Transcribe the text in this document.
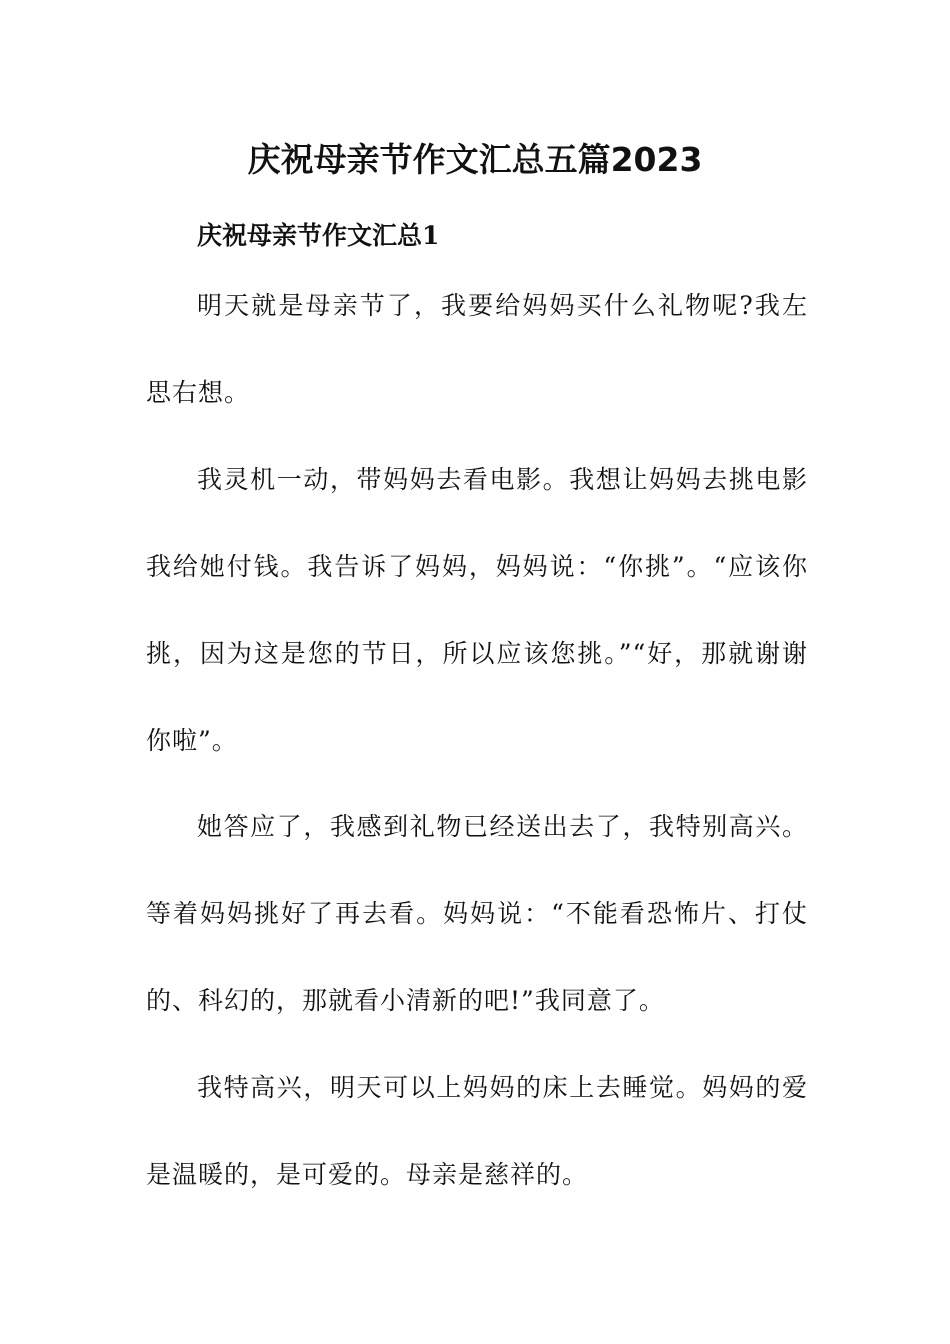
庆祝母亲节作文汇总五篇2023
庆祝母亲节作文汇总1
明天就是母亲节了，我要给妈妈买什么礼物呢?我左思右想。
我灵机一动，带妈妈去看电影。我想让妈妈去挑电影我给她付钱。我告诉了妈妈，妈妈说：“你挑”。“应该你挑，因为这是您的节日，所以应该您挑。”“好，那就谢谢你啦”。
她答应了，我感到礼物已经送出去了，我特别高兴。等着妈妈挑好了再去看。妈妈说：“不能看恐怖片、打仗的、科幻的，那就看小清新的吧!”我同意了。
我特高兴，明天可以上妈妈的床上去睡觉。妈妈的爱是温暖的，是可爱的。母亲是慈祥的。
